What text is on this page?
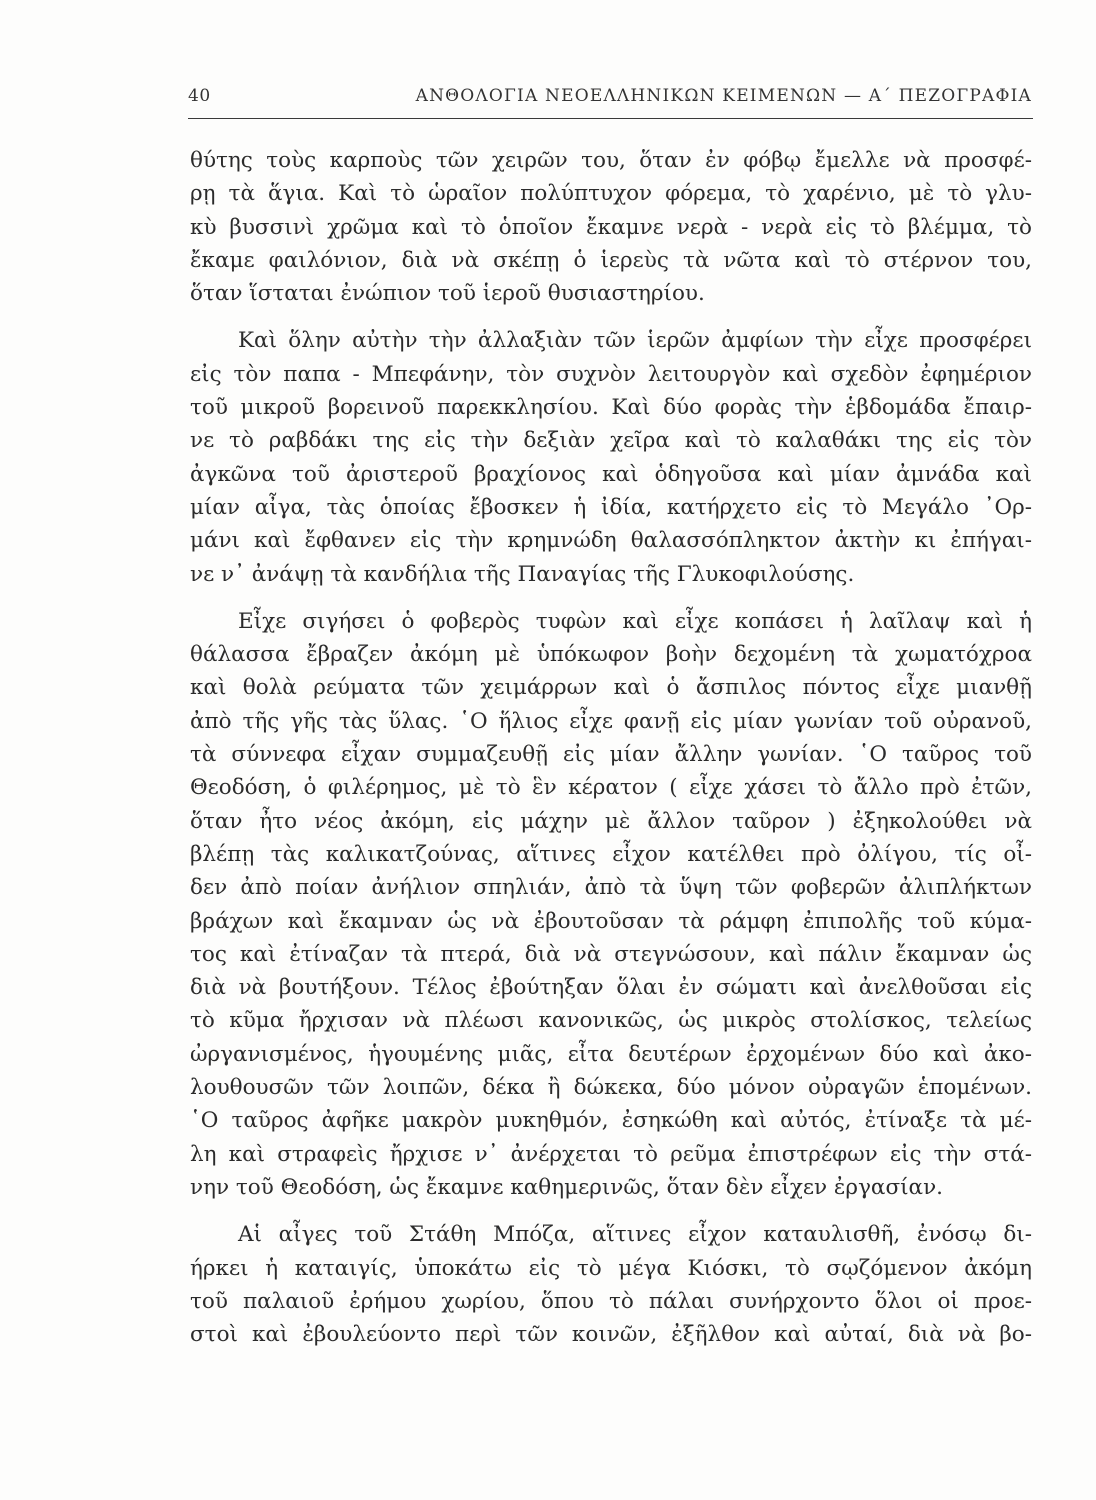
40	ΑΝΘΟΛΟΓΙΑ ΝΕΟΕΛΛΗΝΙΚΩΝ ΚΕΙΜΕΝΩΝ — Α΄ ΠΕΖΟΓΡΑΦΙΑ

θύτης τοὺς καρποὺς τῶν χειρῶν του, ὅταν ἐν φόβῳ ἔμελλε νὰ προσφέ-
ρῃ τὰ ἅγια. Καὶ τὸ ὡραῖον πολύπτυχον φόρεμα, τὸ χαρένιο, μὲ τὸ γλυ-
κὺ βυσσινὶ χρῶμα καὶ τὸ ὁποῖον ἔκαμνε νερὰ - νερὰ εἰς τὸ βλέμμα, τὸ
ἔκαμε φαιλόνιον, διὰ νὰ σκέπῃ ὁ ἱερεὺς τὰ νῶτα καὶ τὸ στέρνον του,
ὅταν ἵσταται ἐνώπιον τοῦ ἱεροῦ θυσιαστηρίου.

Καὶ ὅλην αὐτὴν τὴν ἀλλαξιὰν τῶν ἱερῶν ἀμφίων τὴν εἶχε προσφέρει
εἰς τὸν παπα - Μπεφάνην, τὸν συχνὸν λειτουργὸν καὶ σχεδὸν ἐφημέριον
τοῦ μικροῦ βορεινοῦ παρεκκλησίου. Καὶ δύο φορὰς τὴν ἑβδομάδα ἔπαιρ-
νε τὸ ραβδάκι της εἰς τὴν δεξιὰν χεῖρα καὶ τὸ καλαθάκι της εἰς τὸν
ἀγκῶνα τοῦ ἀριστεροῦ βραχίονος καὶ ὁδηγοῦσα καὶ μίαν ἀμνάδα καὶ
μίαν αἶγα, τὰς ὁποίας ἔβοσκεν ἡ ἰδία, κατήρχετο εἰς τὸ Μεγάλο ᾿Ορ-
μάνι καὶ ἔφθανεν εἰς τὴν κρημνώδη θαλασσόπληκτον ἀκτὴν κι ἐπήγαι-
νε ν᾿ ἀνάψῃ τὰ κανδήλια τῆς Παναγίας τῆς Γλυκοφιλούσης.

Εἶχε σιγήσει ὁ φοβερὸς τυφὼν καὶ εἶχε κοπάσει ἡ λαῖλαψ καὶ ἡ
θάλασσα ἔβραζεν ἀκόμη μὲ ὑπόκωφον βοὴν δεχομένη τὰ χωματόχροα
καὶ θολὰ ρεύματα τῶν χειμάρρων καὶ ὁ ἄσπιλος πόντος εἶχε μιανθῇ
ἀπὸ τῆς γῆς τὰς ὕλας. ῾Ο ἥλιος εἶχε φανῇ εἰς μίαν γωνίαν τοῦ οὐρανοῦ,
τὰ σύννεφα εἶχαν συμμαζευθῇ εἰς μίαν ἄλλην γωνίαν. ῾Ο ταῦρος τοῦ
Θεοδόση, ὁ φιλέρημος, μὲ τὸ ἓν κέρατον ( εἶχε χάσει τὸ ἄλλο πρὸ ἐτῶν,
ὅταν ἦτο νέος ἀκόμη, εἰς μάχην μὲ ἄλλον ταῦρον ) ἐξηκολούθει νὰ
βλέπῃ τὰς καλικατζούνας, αἵτινες εἶχον κατέλθει πρὸ ὀλίγου, τίς οἶ-
δεν ἀπὸ ποίαν ἀνήλιον σπηλιάν, ἀπὸ τὰ ὕψη τῶν φοβερῶν ἀλιπλήκτων
βράχων καὶ ἔκαμναν ὡς νὰ ἐβουτοῦσαν τὰ ράμφη ἐπιπολῆς τοῦ κύμα-
τος καὶ ἐτίναζαν τὰ πτερά, διὰ νὰ στεγνώσουν, καὶ πάλιν ἔκαμναν ὡς
διὰ νὰ βουτήξουν. Τέλος ἐβούτηξαν ὅλαι ἐν σώματι καὶ ἀνελθοῦσαι εἰς
τὸ κῦμα ἤρχισαν νὰ πλέωσι κανονικῶς, ὡς μικρὸς στολίσκος, τελείως
ὠργανισμένος, ἡγουμένης μιᾶς, εἶτα δευτέρων ἐρχομένων δύο καὶ ἀκο-
λουθουσῶν τῶν λοιπῶν, δέκα ἢ δώκεκα, δύο μόνον οὐραγῶν ἑπομένων.
῾Ο ταῦρος ἀφῆκε μακρὸν μυκηθμόν, ἐσηκώθη καὶ αὐτός, ἐτίναξε τὰ μέ-
λη καὶ στραφεὶς ἤρχισε ν᾿ ἀνέρχεται τὸ ρεῦμα ἐπιστρέφων εἰς τὴν στά-
νην τοῦ Θεοδόση, ὡς ἔκαμνε καθημερινῶς, ὅταν δὲν εἶχεν ἐργασίαν.

Αἱ αἶγες τοῦ Στάθη Μπόζα, αἵτινες εἶχον καταυλισθῆ, ἐνόσῳ δι-
ήρκει ἡ καταιγίς, ὑποκάτω εἰς τὸ μέγα Κιόσκι, τὸ σῳζόμενον ἀκόμη
τοῦ παλαιοῦ ἐρήμου χωρίου, ὅπου τὸ πάλαι συνήρχοντο ὅλοι οἱ προε-
στοὶ καὶ ἐβουλεύοντο περὶ τῶν κοινῶν, ἐξῆλθον καὶ αὐταί, διὰ νὰ βο-
